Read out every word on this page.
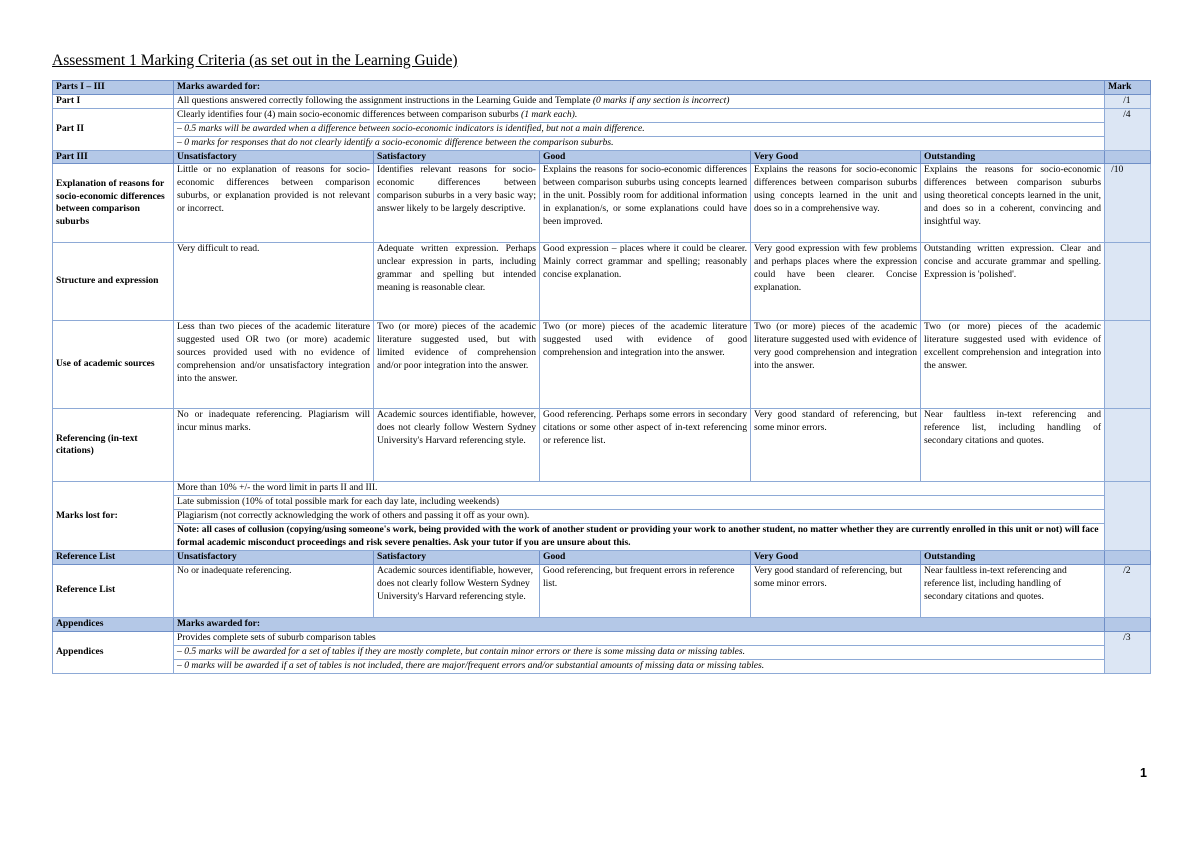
Assessment 1 Marking Criteria (as set out in the Learning Guide)
Parts I – III	Marks awarded for:					Mark
Part I	All questions answered correctly following the assignment instructions in the Learning Guide and Template (0 marks if any section is incorrect)					/1
Part II	Clearly identifies four (4) main socio-economic differences between comparison suburbs (1 mark each).					/4
	– 0.5 marks will be awarded when a difference between socio-economic indicators is identified, but not a main difference.					
	– 0 marks for responses that do not clearly identify a socio-economic difference between the comparison suburbs.					
Part III	Unsatisfactory	Satisfactory	Good	Very Good	Outstanding	
Explanation of reasons for socio-economic differences between comparison suburbs	Little or no explanation of reasons for socio-economic differences between comparison suburbs, or explanation provided is not relevant or incorrect.	Identifies relevant reasons for socio-economic differences between comparison suburbs in a very basic way; answer likely to be largely descriptive.	Explains the reasons for socio-economic differences between comparison suburbs using concepts learned in the unit. Possibly room for additional information in explanation/s, or some explanations could have been improved.	Explains the reasons for socio-economic differences between comparison suburbs using concepts learned in the unit and does so in a comprehensive way.	Explains the reasons for socio-economic differences between comparison suburbs using theoretical concepts learned in the unit, and does so in a coherent, convincing and insightful way.	/10
Structure and expression	Very difficult to read.	Adequate written expression. Perhaps unclear expression in parts, including grammar and spelling but intended meaning is reasonable clear.	Good expression – places where it could be clearer. Mainly correct grammar and spelling; reasonably concise explanation.	Very good expression with few problems and perhaps places where the expression could have been clearer. Concise explanation.	Outstanding written expression. Clear and concise and accurate grammar and spelling. Expression is 'polished'.	
Use of academic sources	Less than two pieces of the academic literature suggested used OR two (or more) academic sources provided used with no evidence of comprehension and/or unsatisfactory integration into the answer.	Two (or more) pieces of the academic literature suggested used, but with limited evidence of comprehension and/or poor integration into the answer.	Two (or more) pieces of the academic literature suggested used with evidence of good comprehension and integration into the answer.	Two (or more) pieces of the academic literature suggested used with evidence of very good comprehension and integration into the answer.	Two (or more) pieces of the academic literature suggested used with evidence of excellent comprehension and integration into the answer.	
Referencing (in-text citations)	No or inadequate referencing. Plagiarism will incur minus marks.	Academic sources identifiable, however, does not clearly follow Western Sydney University's Harvard referencing style.	Good referencing. Perhaps some errors in secondary citations or some other aspect of in-text referencing or reference list.	Very good standard of referencing, but some minor errors.	Near faultless in-text referencing and reference list, including handling of secondary citations and quotes.	
Marks lost for:	More than 10% +/- the word limit in parts II and III.					
	Late submission (10% of total possible mark for each day late, including weekends)					
	Plagiarism (not correctly acknowledging the work of others and passing it off as your own).					
	Note: all cases of collusion (copying/using someone's work, being provided with the work of another student or providing your work to another student, no matter whether they are currently enrolled in this unit or not) will face formal academic misconduct proceedings and risk severe penalties. Ask your tutor if you are unsure about this.					
Reference List	Unsatisfactory	Satisfactory	Good	Very Good	Outstanding	
Reference List	No or inadequate referencing.	Academic sources identifiable, however, does not clearly follow Western Sydney University's Harvard referencing style.	Good referencing, but frequent errors in reference list.	Very good standard of referencing, but some minor errors.	Near faultless in-text referencing and reference list, including handling of secondary citations and quotes.	/2
Appendices	Marks awarded for:					
Appendices	Provides complete sets of suburb comparison tables					/3
	– 0.5 marks will be awarded for a set of tables if they are mostly complete, but contain minor errors or there is some missing data or missing tables.					
	– 0 marks will be awarded if a set of tables is not included, there are major/frequent errors and/or substantial amounts of missing data or missing tables.					
1
